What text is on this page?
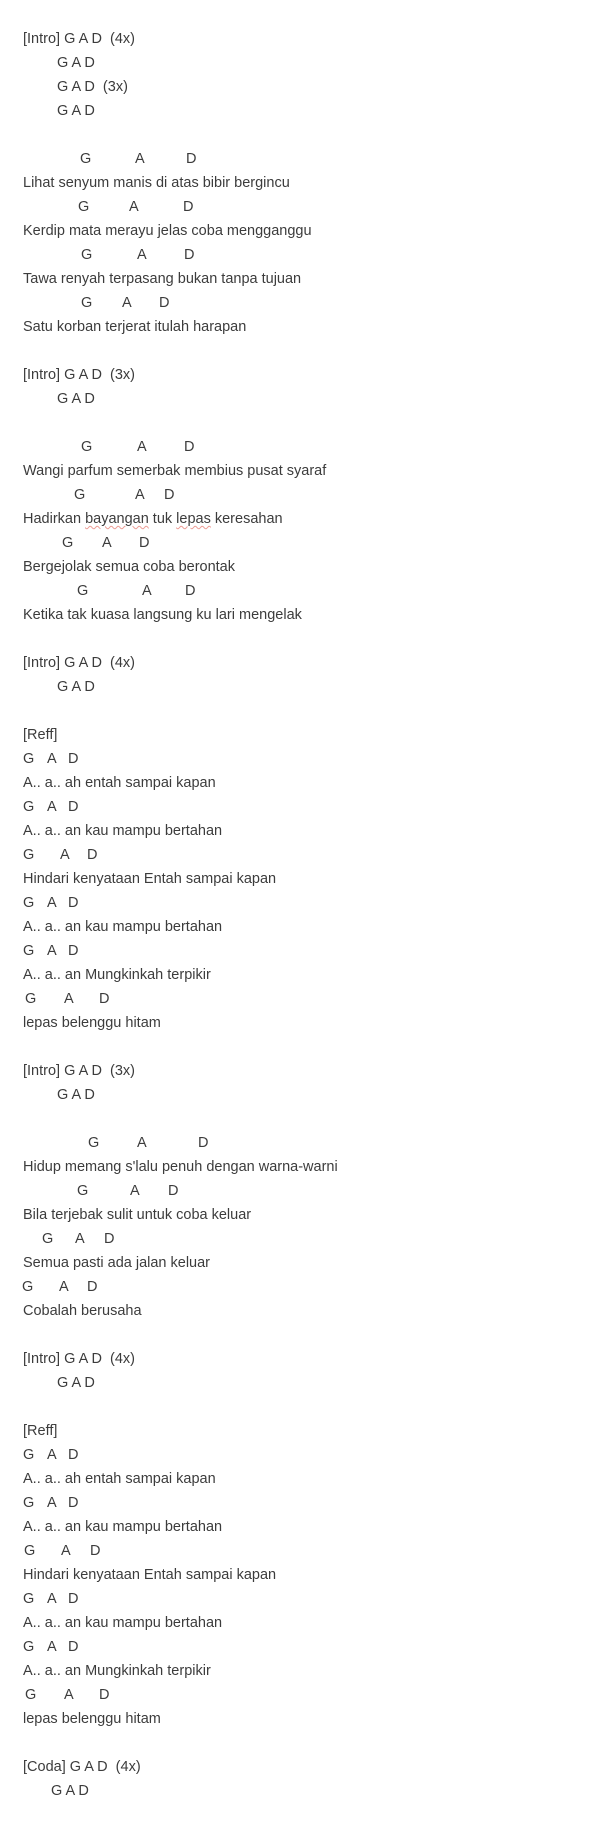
[Intro] G A D  (4x)
G A D
G A D  (3x)
G A D
G	A	D
Lihat senyum manis di atas bibir bergincu
G	A	D
Kerdip mata merayu jelas coba mengganggu
G	A	D
Tawa renyah terpasang bukan tanpa tujuan
G A D
Satu korban terjerat itulah harapan
[Intro] G A D  (3x)
G A D
G	A	D
Wangi parfum semerbak membius pusat syaraf
G	A D
Hadirkan bayangan tuk lepas keresahan
G A D
Bergejolak semua coba berontak
G	A D
Ketika tak kuasa langsung ku lari mengelak
[Intro] G A D  (4x)
G A D
[Reff]
G A D
A.. a.. ah entah sampai kapan
G A D
A.. a.. an kau mampu bertahan
G A D
Hindari kenyataan Entah sampai kapan
G A D
A.. a.. an kau mampu bertahan
G A D
A.. a.. an Mungkinkah terpikir
G A D
lepas belenggu hitam
[Intro] G A D  (3x)
G A D
G	A	D
Hidup memang s'lalu penuh dengan warna-warni
G	A D
Bila terjebak sulit untuk coba keluar
G A D
Semua pasti ada jalan keluar
G A D
Cobalah berusaha
[Intro] G A D  (4x)
G A D
[Reff]
G A D
A.. a.. ah entah sampai kapan
G A D
A.. a.. an kau mampu bertahan
G A D
Hindari kenyataan Entah sampai kapan
G A D
A.. a.. an kau mampu bertahan
G A D
A.. a.. an Mungkinkah terpikir
G A D
lepas belenggu hitam
[Coda] G A D  (4x)
G A D
